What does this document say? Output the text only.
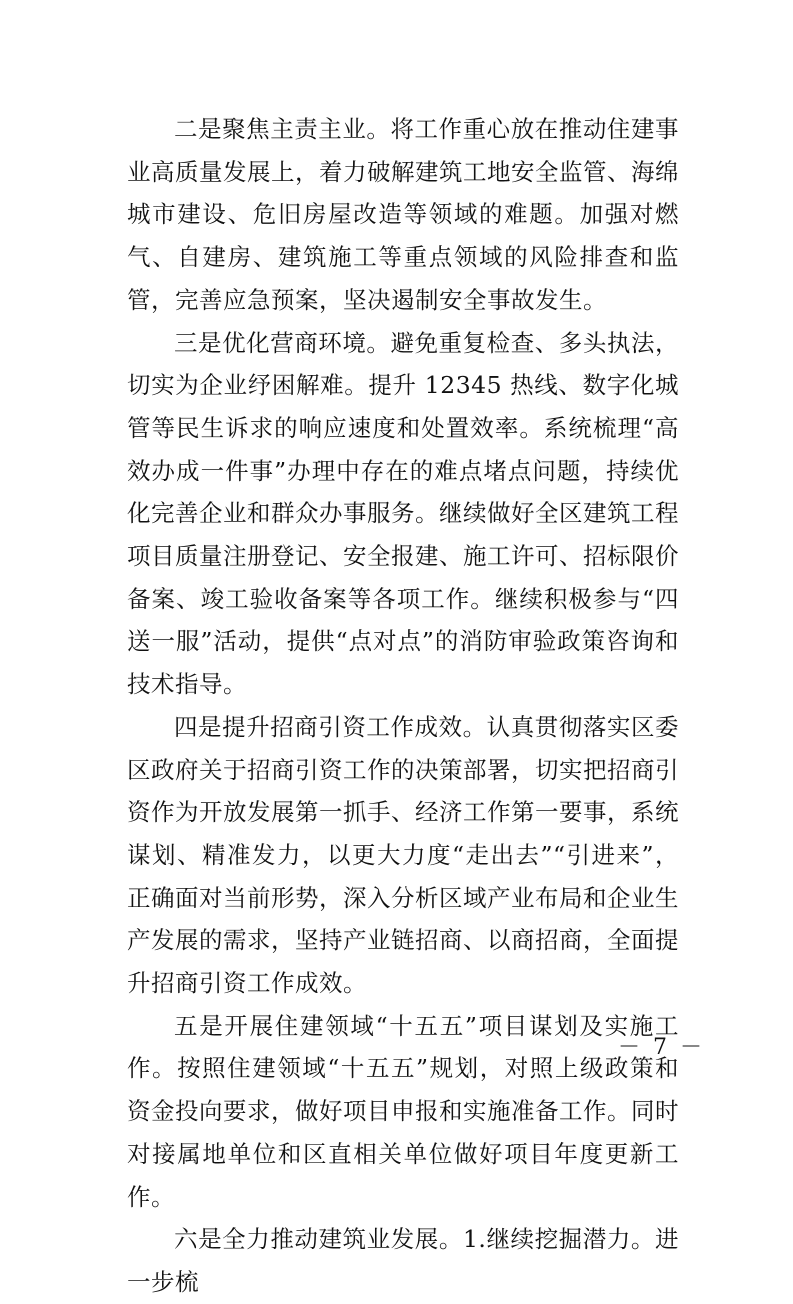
二是聚焦主责主业。将工作重心放在推动住建事业高质量发展上，着力破解建筑工地安全监管、海绵城市建设、危旧房屋改造等领域的难题。加强对燃气、自建房、建筑施工等重点领域的风险排查和监管，完善应急预案，坚决遏制安全事故发生。

三是优化营商环境。避免重复检查、多头执法，切实为企业纾困解难。提升 12345 热线、数字化城管等民生诉求的响应速度和处置效率。系统梳理“高效办成一件事”办理中存在的难点堵点问题，持续优化完善企业和群众办事服务。继续做好全区建筑工程项目质量注册登记、安全报建、施工许可、招标限价备案、竣工验收备案等各项工作。继续积极参与“四送一服”活动，提供“点对点”的消防审验政策咨询和技术指导。

四是提升招商引资工作成效。认真贯彻落实区委区政府关于招商引资工作的决策部署，切实把招商引资作为开放发展第一抓手、经济工作第一要事，系统谋划、精准发力，以更大力度“走出去”“引进来”，正确面对当前形势，深入分析区域产业布局和企业生产发展的需求，坚持产业链招商、以商招商，全面提升招商引资工作成效。

五是开展住建领域“十五五”项目谋划及实施工作。按照住建领域“十五五”规划，对照上级政策和资金投向要求，做好项目申报和实施准备工作。同时对接属地单位和区直相关单位做好项目年度更新工作。

六是全力推动建筑业发展。1.继续挖掘潜力。进一步梳

－ 7 －
